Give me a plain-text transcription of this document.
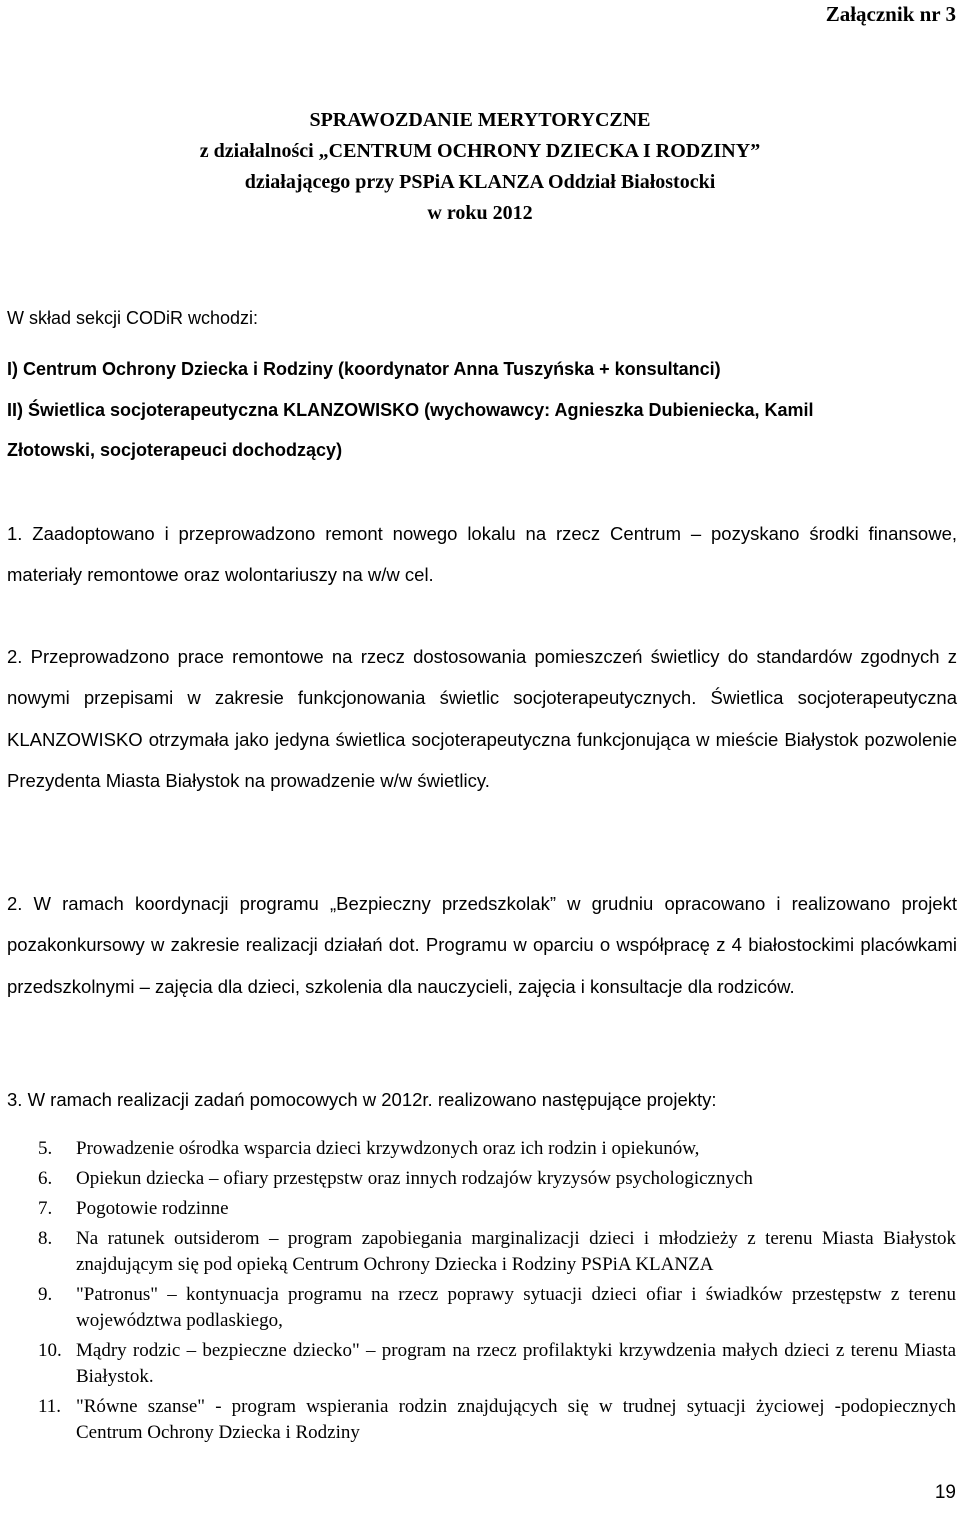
Załącznik nr 3
SPRAWOZDANIE MERYTORYCZNE
z działalności „CENTRUM OCHRONY DZIECKA I RODZINY”
działającego przy PSPiA KLANZA Oddział Białostocki
w roku 2012
W skład sekcji CODiR wchodzi:
I) Centrum Ochrony Dziecka i Rodziny (koordynator Anna Tuszyńska + konsultanci)
II) Świetlica socjoterapeutyczna KLANZOWISKO (wychowawcy: Agnieszka Dubieniecka, Kamil Złotowski, socjoterapeuci dochodzący)
1. Zaadoptowano i przeprowadzono remont nowego lokalu na rzecz Centrum – pozyskano środki finansowe, materiały remontowe oraz wolontariuszy na w/w cel.
2. Przeprowadzono prace remontowe na rzecz dostosowania pomieszczeń świetlicy do standardów zgodnych z nowymi przepisami w zakresie funkcjonowania świetlic socjoterapeutycznych. Świetlica socjoterapeutyczna KLANZOWISKO otrzymała jako jedyna świetlica socjoterapeutyczna funkcjonująca w mieście Białystok pozwolenie Prezydenta Miasta Białystok na prowadzenie w/w świetlicy.
2. W ramach koordynacji programu „Bezpieczny przedszkolak” w grudniu opracowano i realizowano projekt pozakonkursowy w zakresie realizacji działań dot. Programu w oparciu o współpracę z 4 białostockimi placówkami przedszkolnymi – zajęcia dla dzieci, szkolenia dla nauczycieli, zajęcia i konsultacje dla rodziców.
3. W ramach realizacji zadań pomocowych w 2012r. realizowano następujące projekty:
5.	Prowadzenie ośrodka wsparcia dzieci krzywdzonych oraz ich rodzin i opiekunów,
6.	Opiekun dziecka – ofiary przestępstw oraz innych rodzajów kryzysów psychologicznych
7.	Pogotowie rodzinne
8.	Na ratunek outsiderom – program zapobiegania marginalizacji dzieci i młodzieży z terenu Miasta Białystok znajdującym się pod opieką Centrum Ochrony Dziecka i Rodziny PSPiA KLANZA
9.	"Patronus" – kontynuacja programu na rzecz poprawy sytuacji dzieci ofiar i świadków przestępstw z terenu województwa podlaskiego,
10. Mądry rodzic – bezpieczne dziecko" – program na rzecz profilaktyki krzywdzenia małych dzieci z terenu Miasta Białystok.
11. "Równe szanse" - program wspierania rodzin znajdujących się w trudnej sytuacji życiowej -podopiecznych Centrum Ochrony Dziecka i Rodziny
19
